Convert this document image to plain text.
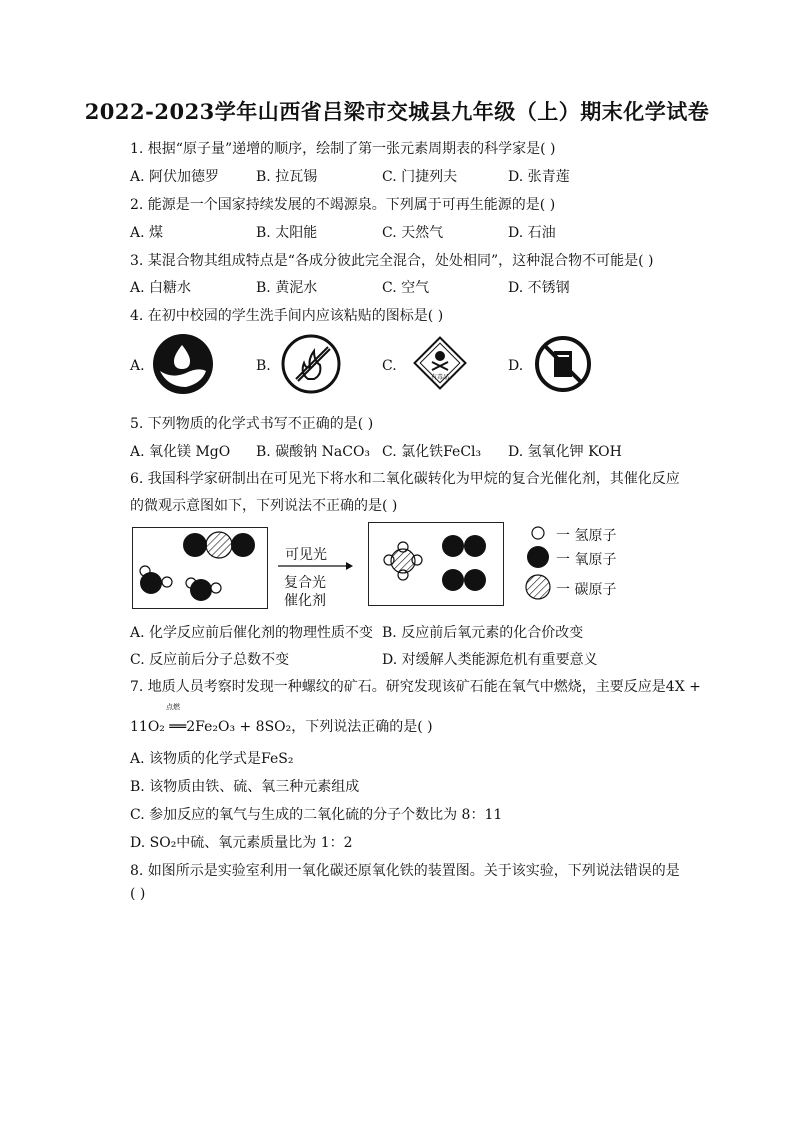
2022-2023学年山西省吕梁市交城县九年级（上）期末化学试卷
1. 根据“原子量”递增的顺序，绘制了第一张元素周期表的科学家是( )
A. 阿伏加德罗	B. 拉瓦锡	C. 门捷列夫	D. 张青莲
2. 能源是一个国家持续发展的不竭源泉。下列属于可再生能源的是( )
A. 煤	B. 太阳能	C. 天然气	D. 石油
3. 某混合物其组成特点是“各成分彼此完全混合，处处相同”，这种混合物不可能是( )
A. 白糖水	B. 黄泥水	C. 空气	D. 不锈钢
4. 在初中校园的学生洗手间内应该粘贴的图标是( )
A.	B.	C.
有毒品
D.
5. 下列物质的化学式书写不正确的是( )
A. 氧化镁 MgO B. 碳酸钠 NaCO₃ C. 氯化铁FeCl₃ D. 氢氧化钾 KOH
6. 我国科学家研制出在可见光下将水和二氧化碳转化为甲烷的复合光催化剂，其催化反应
的微观示意图如下，下列说法不正确的是( )
可见光
复合光
催化剂
一 氢原子
一 氧原子
一 碳原子
A. 化学反应前后催化剂的物理性质不变 B. 反应前后氧元素的化合价改变
C. 反应前后分子总数不变	D. 对缓解人类能源危机有重要意义
7. 地质人员考察时发现一种螺纹的矿石。研究发现该矿石能在氧气中燃烧，主要反应是4X +
点燃
11O₂ ══2Fe₂O₃ + 8SO₂，下列说法正确的是( )
A. 该物质的化学式是FeS₂
B. 该物质由铁、硫、氧三种元素组成
C. 参加反应的氧气与生成的二氧化硫的分子个数比为 8：11
D. SO₂中硫、氧元素质量比为 1：2
8. 如图所示是实验室利用一氧化碳还原氧化铁的装置图。关于该实验，下列说法错误的是
( )
